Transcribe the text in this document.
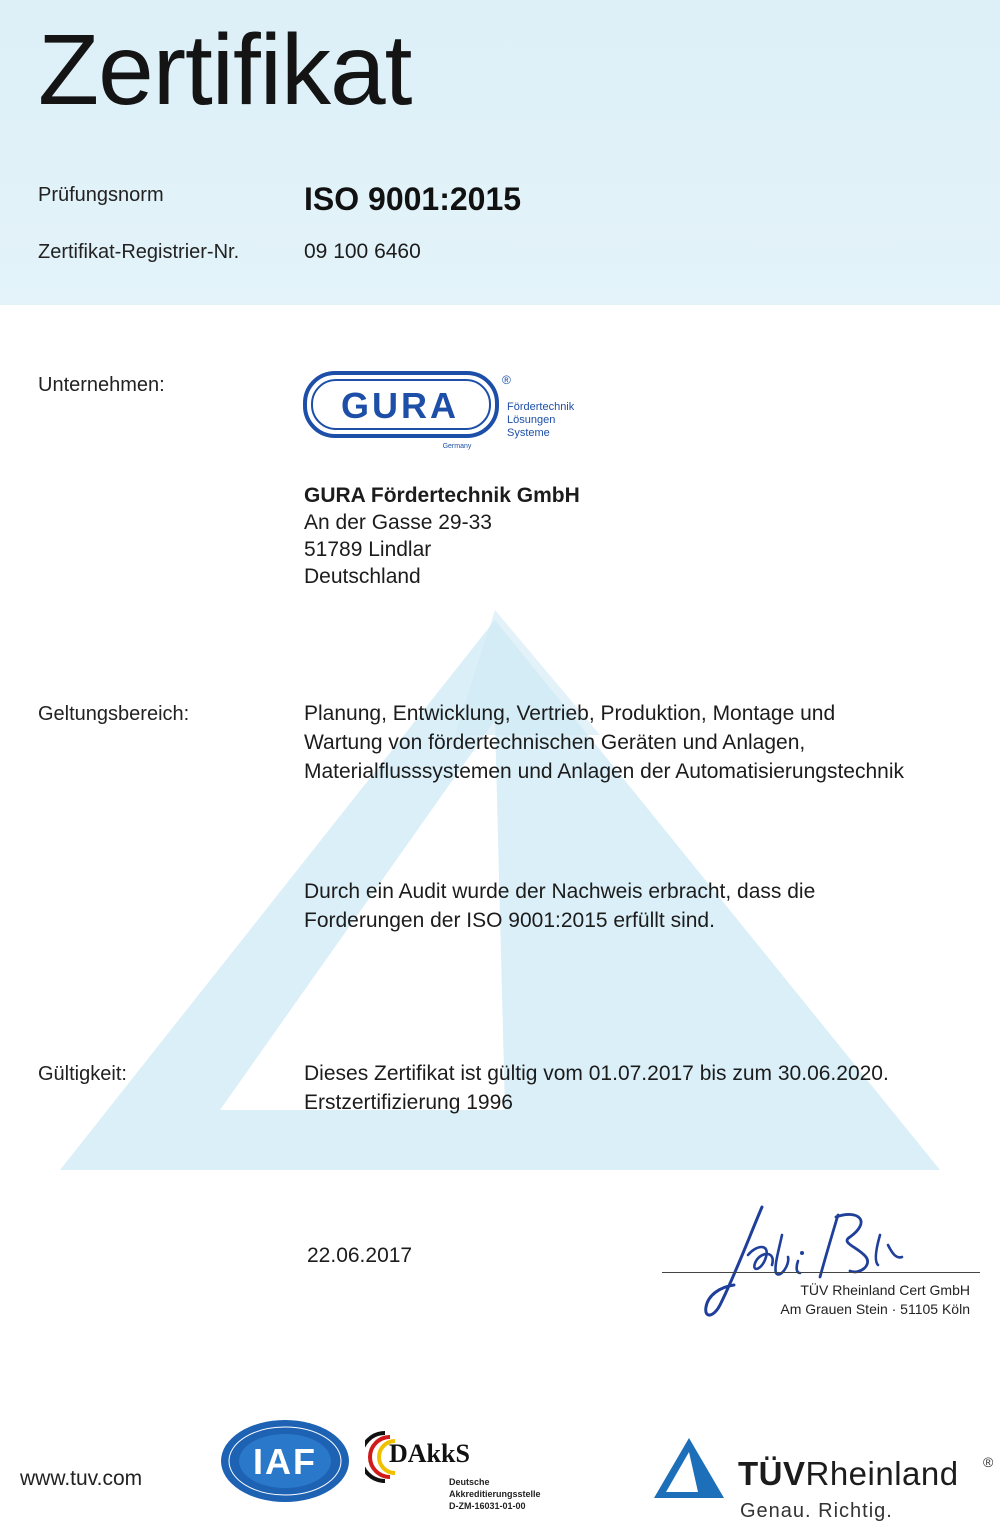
Zertifikat
Prüfungsnorm	ISO 9001:2015
Zertifikat-Registrier-Nr.	09 100 6460
Unternehmen:	GURA
Germany
®
Fördertechnik
Lösungen
Systeme
GURA Fördertechnik GmbH
An der Gasse 29-33
51789 Lindlar
Deutschland
Geltungsbereich:	Planung, Entwicklung, Vertrieb, Produktion, Montage und
Wartung von fördertechnischen Geräten und Anlagen,
Materialflusssystemen und Anlagen der Automatisierungstechnik
Durch ein Audit wurde der Nachweis erbracht, dass die
Forderungen der ISO 9001:2015 erfüllt sind.
Gültigkeit:	Dieses Zertifikat ist gültig vom 01.07.2017 bis zum 30.06.2020.
Erstzertifizierung 1996
22.06.2017
TÜV Rheinland Cert GmbH
Am Grauen Stein · 51105 Köln
www.tuv.com	IAF	DAkkS
Deutsche
Akkreditierungsstelle
D-ZM-16031-01-00
TÜVRheinland ®
Genau. Richtig.
